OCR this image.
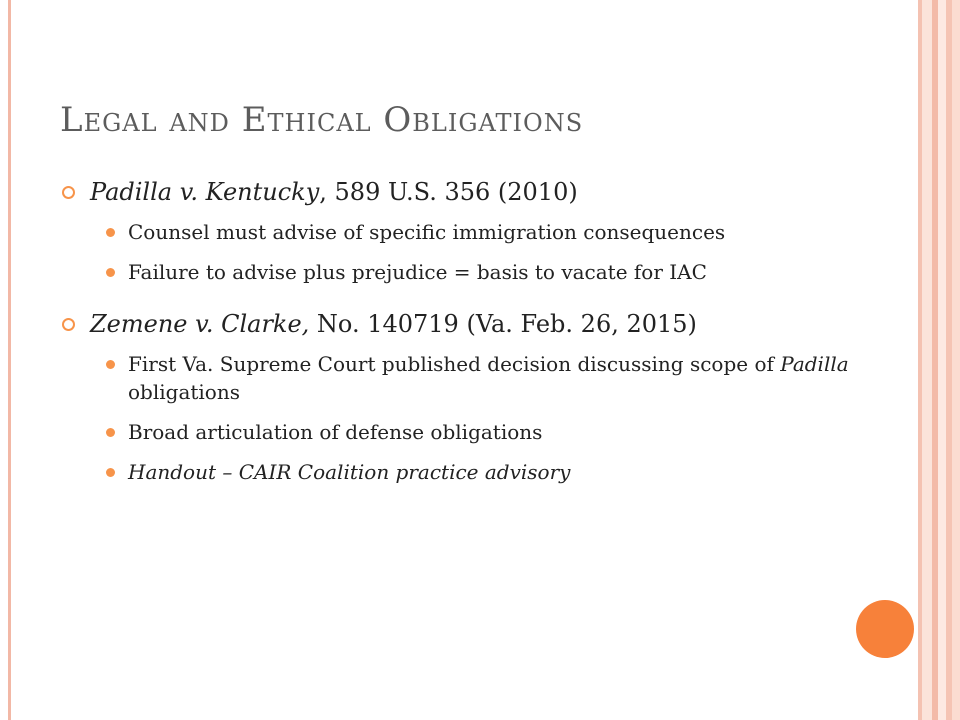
Legal and Ethical Obligations
Padilla v. Kentucky, 589 U.S. 356 (2010)
Counsel must advise of specific immigration consequences
Failure to advise plus prejudice = basis to vacate for IAC
Zemene v. Clarke, No. 140719 (Va. Feb. 26, 2015)
First Va. Supreme Court published decision discussing scope of Padilla obligations
Broad articulation of defense obligations
Handout – CAIR Coalition practice advisory
